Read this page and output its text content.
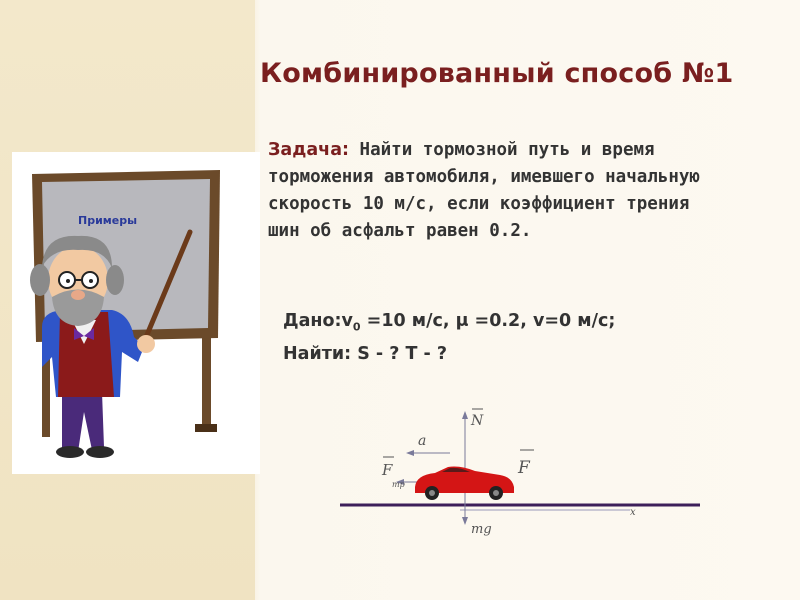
Комбинированный способ №1
Задача: Найти тормозной путь и время торможения автомобиля, имевшего начальную скорость 10 м/с, если коэффициент трения шин об асфальт равен 0.2.
$Дано:v_0 =10$ м/с, μ =0.2, v=0 м/с;
Найти: S - ? T - ?
Примеры
x
N
mg
a
F
тр
F
